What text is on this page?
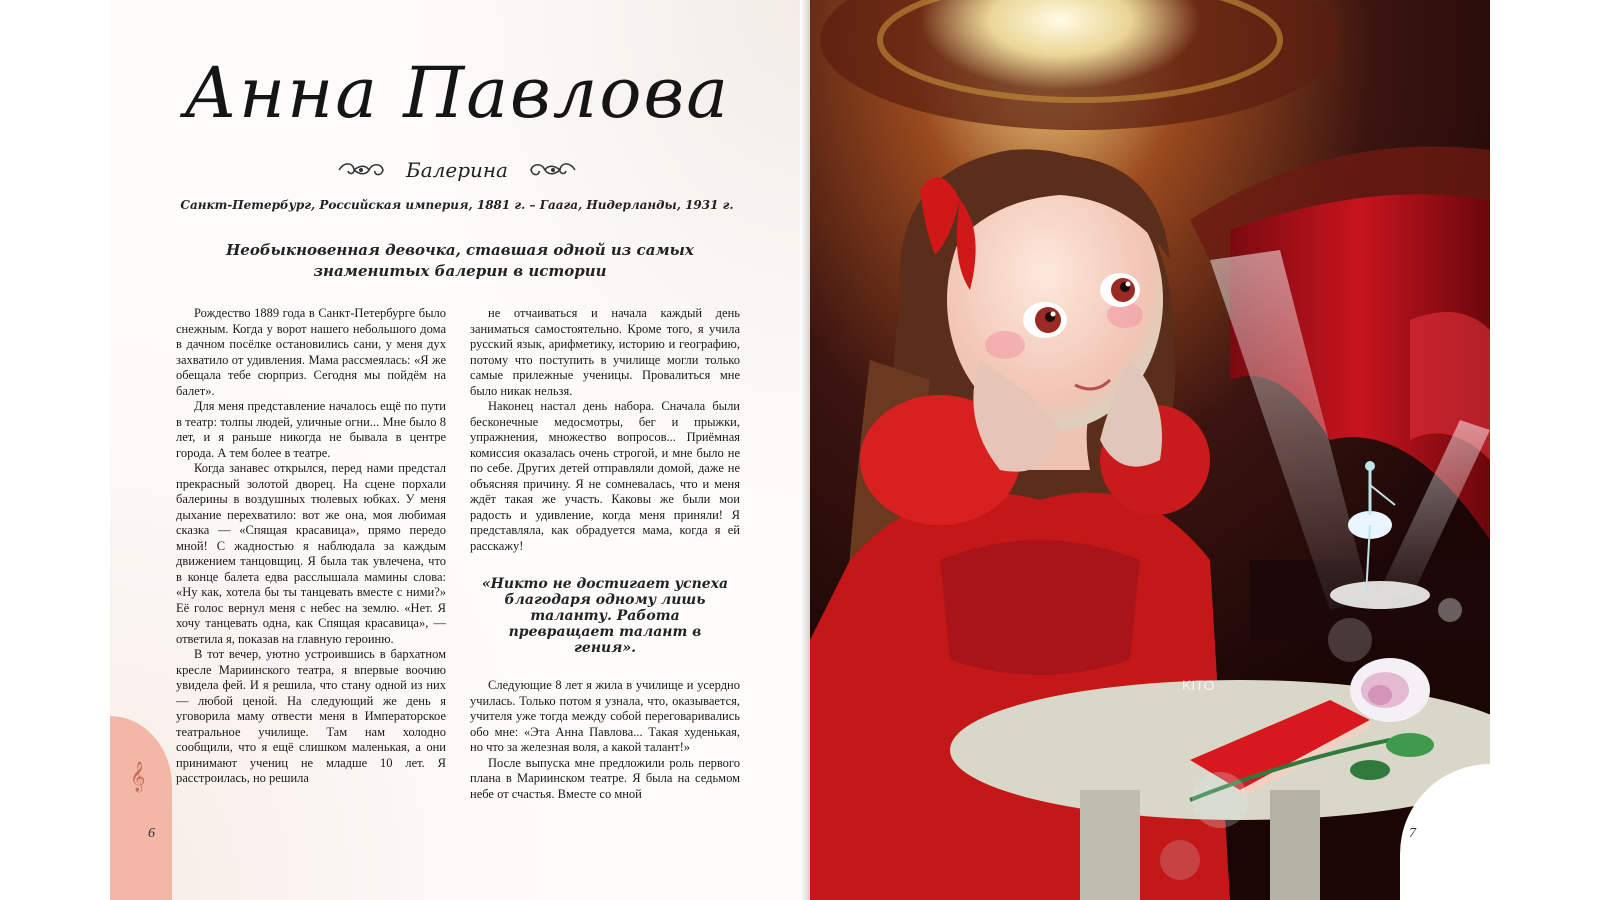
Анна Павлова
Балерина
Санкт-Петербург, Российская империя, 1881 г. – Гаага, Нидерланды, 1931 г.
Необыкновенная девочка, ставшая одной из самых знаменитых балерин в истории

Рождество 1889 года в Санкт-Петербурге было снежным. Когда у ворот нашего небольшого дома в дачном посёлке остановились сани, у меня дух захватило от удивления. Мама рассмеялась: «Я же обещала тебе сюрприз. Сегодня мы пойдём на балет».

Для меня представление началось ещё по пути в театр: толпы людей, уличные огни... Мне было 8 лет, и я раньше никогда не бывала в центре города. А тем более в театре.

Когда занавес открылся, перед нами предстал прекрасный золотой дворец. На сцене порхали балерины в воздушных тюлевых юбках. У меня дыхание перехватило: вот же она, моя любимая сказка — «Спящая красавица», прямо передо мной! С жадностью я наблюдала за каждым движением танцовщиц. Я была так увлечена, что в конце балета едва расслышала мамины слова: «Ну как, хотела бы ты танцевать вместе с ними?» Её голос вернул меня с небес на землю. «Нет. Я хочу танцевать одна, как Спящая красавица», — ответила я, показав на главную героиню.

В тот вечер, уютно устроившись в бархатном кресле Мариинского театра, я впервые воочию увидела фей. И я решила, что стану одной из них — любой ценой. На следующий же день я уговорила маму отвести меня в Императорское театральное училище. Там нам холодно сообщили, что я ещё слишком маленькая, а они принимают учениц не младше 10 лет. Я расстроилась, но решила

не отчаиваться и начала каждый день заниматься самостоятельно. Кроме того, я учила русский язык, арифметику, историю и географию, потому что поступить в училище могли только самые прилежные ученицы. Провалиться мне было никак нельзя.

Наконец настал день набора. Сначала были бесконечные медосмотры, бег и прыжки, упражнения, множество вопросов... Приёмная комиссия оказалась очень строгой, и мне было не по себе. Других детей отправляли домой, даже не объясняя причину. Я не сомневалась, что и меня ждёт такая же участь. Каковы же были мои радость и удивление, когда меня приняли! Я представляла, как обрадуется мама, когда я ей расскажу!

«Никто не достигает успеха благодаря одному лишь таланту. Работа превращает талант в гения».

Следующие 8 лет я жила в училище и усердно училась. Только потом я узнала, что, оказывается, учителя уже тогда между собой переговаривались обо мне: «Эта Анна Павлова... Такая худенькая, но что за железная воля, а какой талант!»

После выпуска мне предложили роль первого плана в Мариинском театре. Я была на седьмом небе от счастья. Вместе со мной

𝄞
6
KITO
7
